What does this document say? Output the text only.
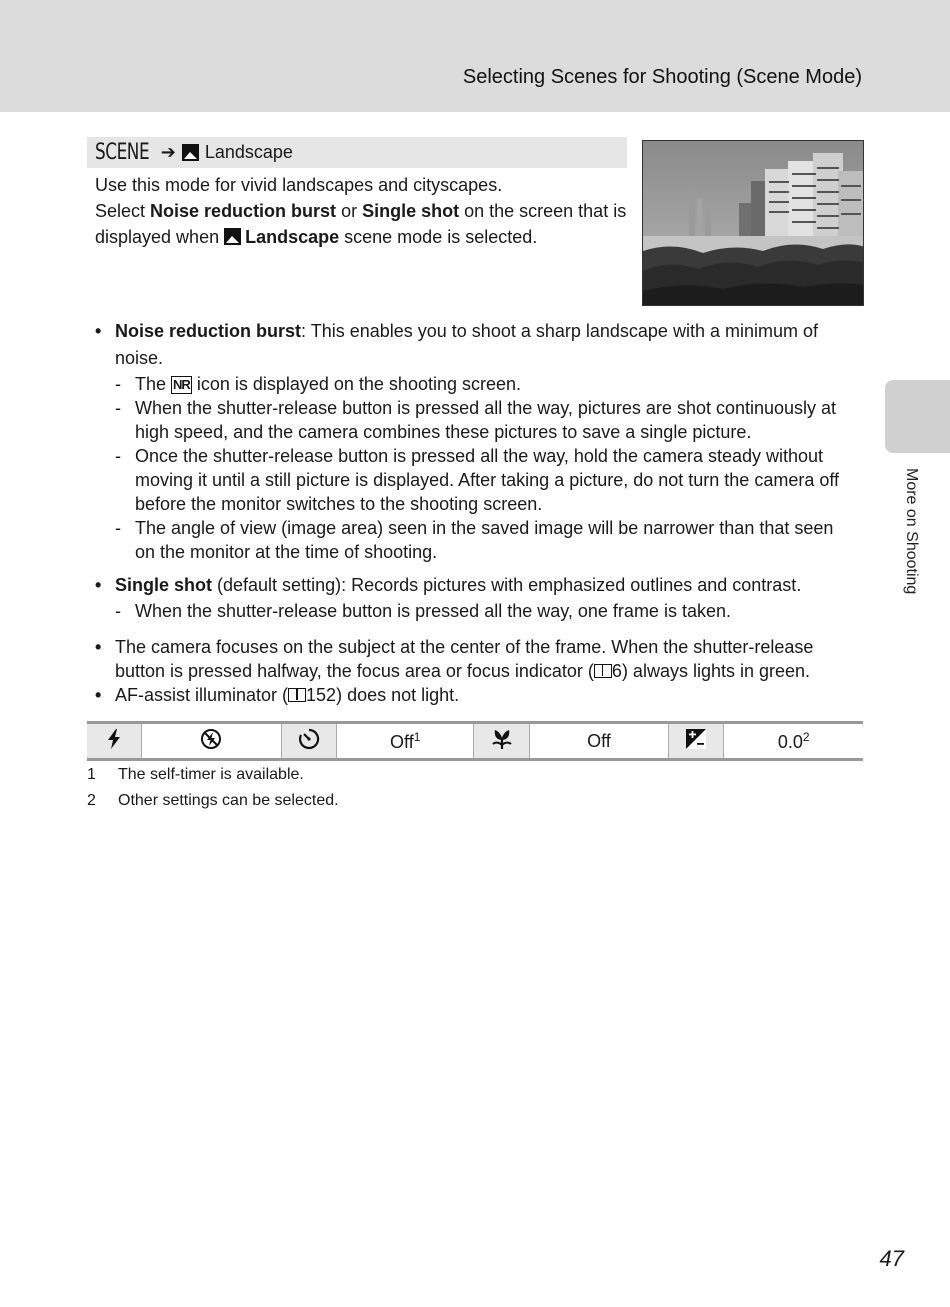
Selecting Scenes for Shooting (Scene Mode)
More on Shooting
SCENE ➔ Landscape

Use this mode for vivid landscapes and cityscapes.

Select Noise reduction burst or Single shot on the screen that is displayed when Landscape scene mode is selected.

• Noise reduction burst: This enables you to shoot a sharp landscape with a minimum of noise.

- The NR icon is displayed on the shooting screen.

- When the shutter-release button is pressed all the way, pictures are shot continuously at high speed, and the camera combines these pictures to save a single picture.

- Once the shutter-release button is pressed all the way, hold the camera steady without moving it until a still picture is displayed. After taking a picture, do not turn the camera off before the monitor switches to the shooting screen.

- The angle of view (image area) seen in the saved image will be narrower than that seen on the monitor at the time of shooting.

• Single shot (default setting): Records pictures with emphasized outlines and contrast.

- When the shutter-release button is pressed all the way, one frame is taken.

• The camera focuses on the subject at the center of the frame. When the shutter-release button is pressed halfway, the focus area or focus indicator ( 6) always lights in green.

• AF-assist illuminator ( 152) does not light.

			Off$^1$		Off		$0.0^2$
1	The self-timer is available.
2	Other settings can be selected.
47
